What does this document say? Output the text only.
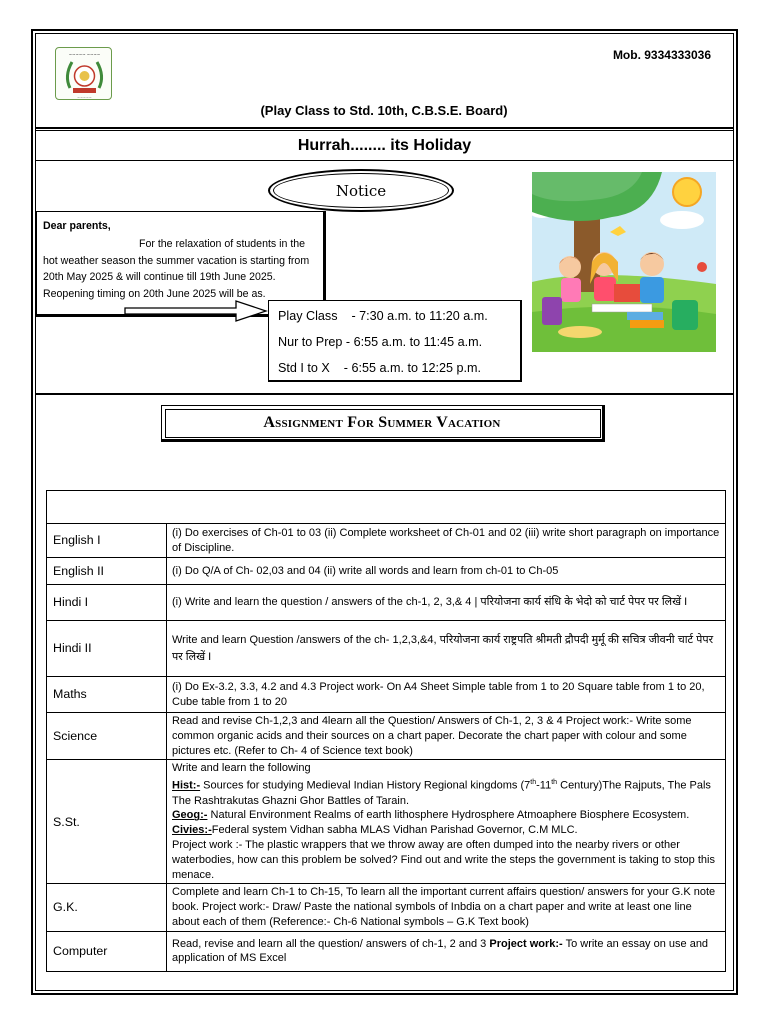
~~~~~ ~~~~
~~~~~
Mob. 9334333036
(Play Class to Std. 10th, C.B.S.E. Board)
Hurrah........ its Holiday
Notice
Dear parents,
For the relaxation of students in the hot weather season the summer vacation is starting from 20th May 2025 & will continue till 19th June 2025. Reopening timing on 20th June 2025 will be as.
Play Class    - 7:30 a.m. to 11:20 a.m.
Nur to Prep - 6:55 a.m. to 11:45 a.m.
Std I to X    - 6:55 a.m. to 12:25 p.m.
Assignment For Summer Vacation

English I	(i) Do exercises of Ch-01 to 03 (ii) Complete worksheet of Ch-01 and 02 (iii) write short paragraph on importance of Discipline.
English II	(i) Do Q/A of Ch- 02,03 and 04 (ii) write all words and learn from ch-01 to Ch-05
Hindi I	(i) Write and learn the question / answers of the ch-1, 2, 3,& 4 | परियोजना कार्य संधि के भेदो को चार्ट पेपर पर लिखें I
Hindi II	Write and learn Question /answers of the ch- 1,2,3,&4, परियोजना कार्य राष्ट्रपति श्रीमती द्रौपदी मुर्मू की सचित्र जीवनी चार्ट पेपर पर लिखें I
Maths	(i) Do Ex-3.2, 3.3, 4.2 and 4.3 Project work- On A4 Sheet Simple table from 1 to 20 Square table from 1 to 20, Cube table from 1 to 20
Science	Read and revise Ch-1,2,3 and 4learn all the Question/ Answers of Ch-1, 2, 3 & 4 Project work:- Write some common organic acids and their sources on a chart paper. Decorate the chart paper with colour and some pictures etc. (Refer to Ch- 4 of Science text book)
S.St.	Write and learn the following
Hist:- Sources for studying Medieval Indian History Regional kingdoms (7th-11th Century)The Rajputs, The Pals The Rashtrakutas Ghazni Ghor Battles of Tarain.
Geog:- Natural Environment Realms of earth lithosphere Hydrosphere Atmoaphere Biosphere Ecosystem. Civies:-Federal system Vidhan sabha MLAS Vidhan Parishad Governor, C.M MLC.
Project work :- The plastic wrappers that we throw away are often dumped into the nearby rivers or other waterbodies, how can this problem be solved? Find out and write the steps the government is taking to stop this menace.

G.K.	Complete and learn Ch-1 to Ch-15, To learn all the important current affairs question/ answers for your G.K note book. Project work:- Draw/ Paste the national symbols of Inbdia on a chart paper and write at least one line about each of them (Reference:- Ch-6 National symbols – G.K Text book)
Computer	Read, revise and learn all the question/ answers of ch-1, 2 and 3 Project work:- To write an essay on use and application of MS Excel
